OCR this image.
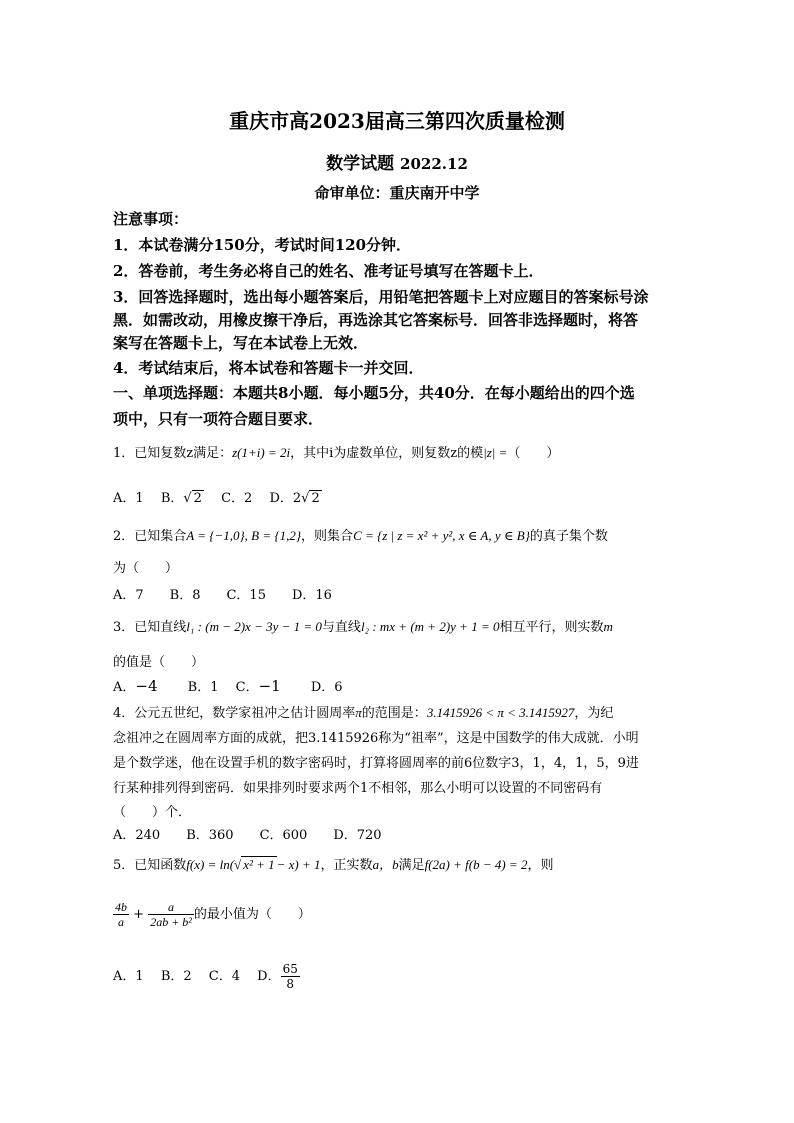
重庆市高2023届高三第四次质量检测
数学试题 2022.12
命审单位：重庆南开中学
注意事项：
1．本试卷满分150分，考试时间120分钟．
2．答卷前，考生务必将自己的姓名、准考证号填写在答题卡上．
3．回答选择题时，选出每小题答案后，用铅笔把答题卡上对应题目的答案标号涂
黑．如需改动，用橡皮擦干净后，再选涂其它答案标号．回答非选择题时，将答
案写在答题卡上，写在本试卷上无效．
4．考试结束后，将本试卷和答题卡一并交回．
一、单项选择题：本题共8小题．每小题5分，共40分．在每小题给出的四个选
项中，只有一项符合题目要求．
1．已知复数z满足：z(1+i) = 2i，其中i为虚数单位，则复数z的模|z| =（　　）
A．1　 B．√ 2　 C．2　 D．2√ 2
2．已知集合A = {−1,0}, B = {1,2}，则集合C = {z | z = x² + y², x ∈ A, y ∈ B}的真子集个数
为（　　）
A．7　　B．8　　C．15　　D．16
3．已知直线l₁ : (m − 2)x − 3y − 1 = 0与直线l₂ : mx + (m + 2)y + 1 = 0相互平行，则实数m
的值是（　　）
A．−4　　 B．1　 C．−1　　 D．6
4．公元五世纪，数学家祖冲之估计圆周率π的范围是：3.1415926 < π < 3.1415927，为纪
念祖冲之在圆周率方面的成就，把3.1415926称为“祖率”，这是中国数学的伟大成就．小明
是个数学迷，他在设置手机的数字密码时，打算将圆周率的前6位数字3，1，4，1，5，9进
行某种排列得到密码．如果排列时要求两个1不相邻，那么小明可以设置的不同密码有
（　　）个．
A．240　　B．360　　C．600　　D．720
5．已知函数f(x) = ln(√ x² + 1 − x) + 1，正实数a，b满足f(2a) + f(b − 4) = 2，则
$\frac{4b}{a} + \frac{a}{\text{2ab + b²}}$ 的最小值为（　　）
A．1　 B．2　 C．4　 D． $\frac{65}{8}$
